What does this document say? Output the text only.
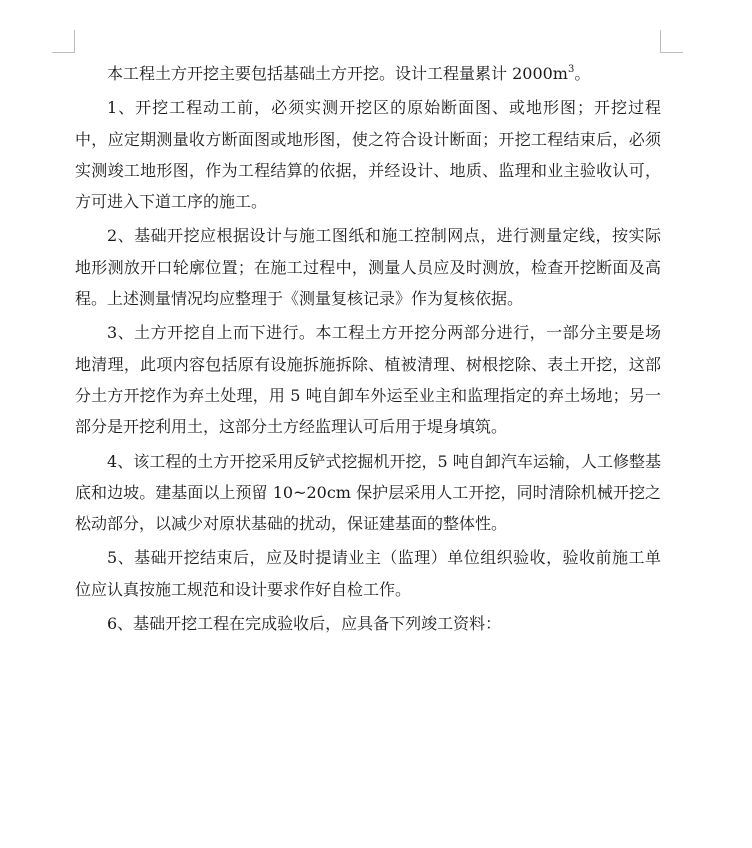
本工程土方开挖主要包括基础土方开挖。设计工程量累计 $2000m^3$。

1、开挖工程动工前，必须实测开挖区的原始断面图、或地形图；开挖过程中，应定期测量收方断面图或地形图，使之符合设计断面；开挖工程结束后，必须实测竣工地形图，作为工程结算的依据，并经设计、地质、监理和业主验收认可，方可进入下道工序的施工。

2、基础开挖应根据设计与施工图纸和施工控制网点，进行测量定线，按实际地形测放开口轮廓位置；在施工过程中，测量人员应及时测放，检查开挖断面及高程。上述测量情况均应整理于《测量复核记录》作为复核依据。

3、土方开挖自上而下进行。本工程土方开挖分两部分进行，一部分主要是场地清理，此项内容包括原有设施拆施拆除、植被清理、树根挖除、表土开挖，这部分土方开挖作为弃土处理，用 5 吨自卸车外运至业主和监理指定的弃土场地；另一部分是开挖利用土，这部分土方经监理认可后用于堤身填筑。

4、该工程的土方开挖采用反铲式挖掘机开挖，5 吨自卸汽车运输，人工修整基底和边坡。建基面以上预留 10~20cm 保护层采用人工开挖，同时清除机械开挖之松动部分，以减少对原状基础的扰动，保证建基面的整体性。

5、基础开挖结束后，应及时提请业主（监理）单位组织验收，验收前施工单位应认真按施工规范和设计要求作好自检工作。

6、基础开挖工程在完成验收后，应具备下列竣工资料：
